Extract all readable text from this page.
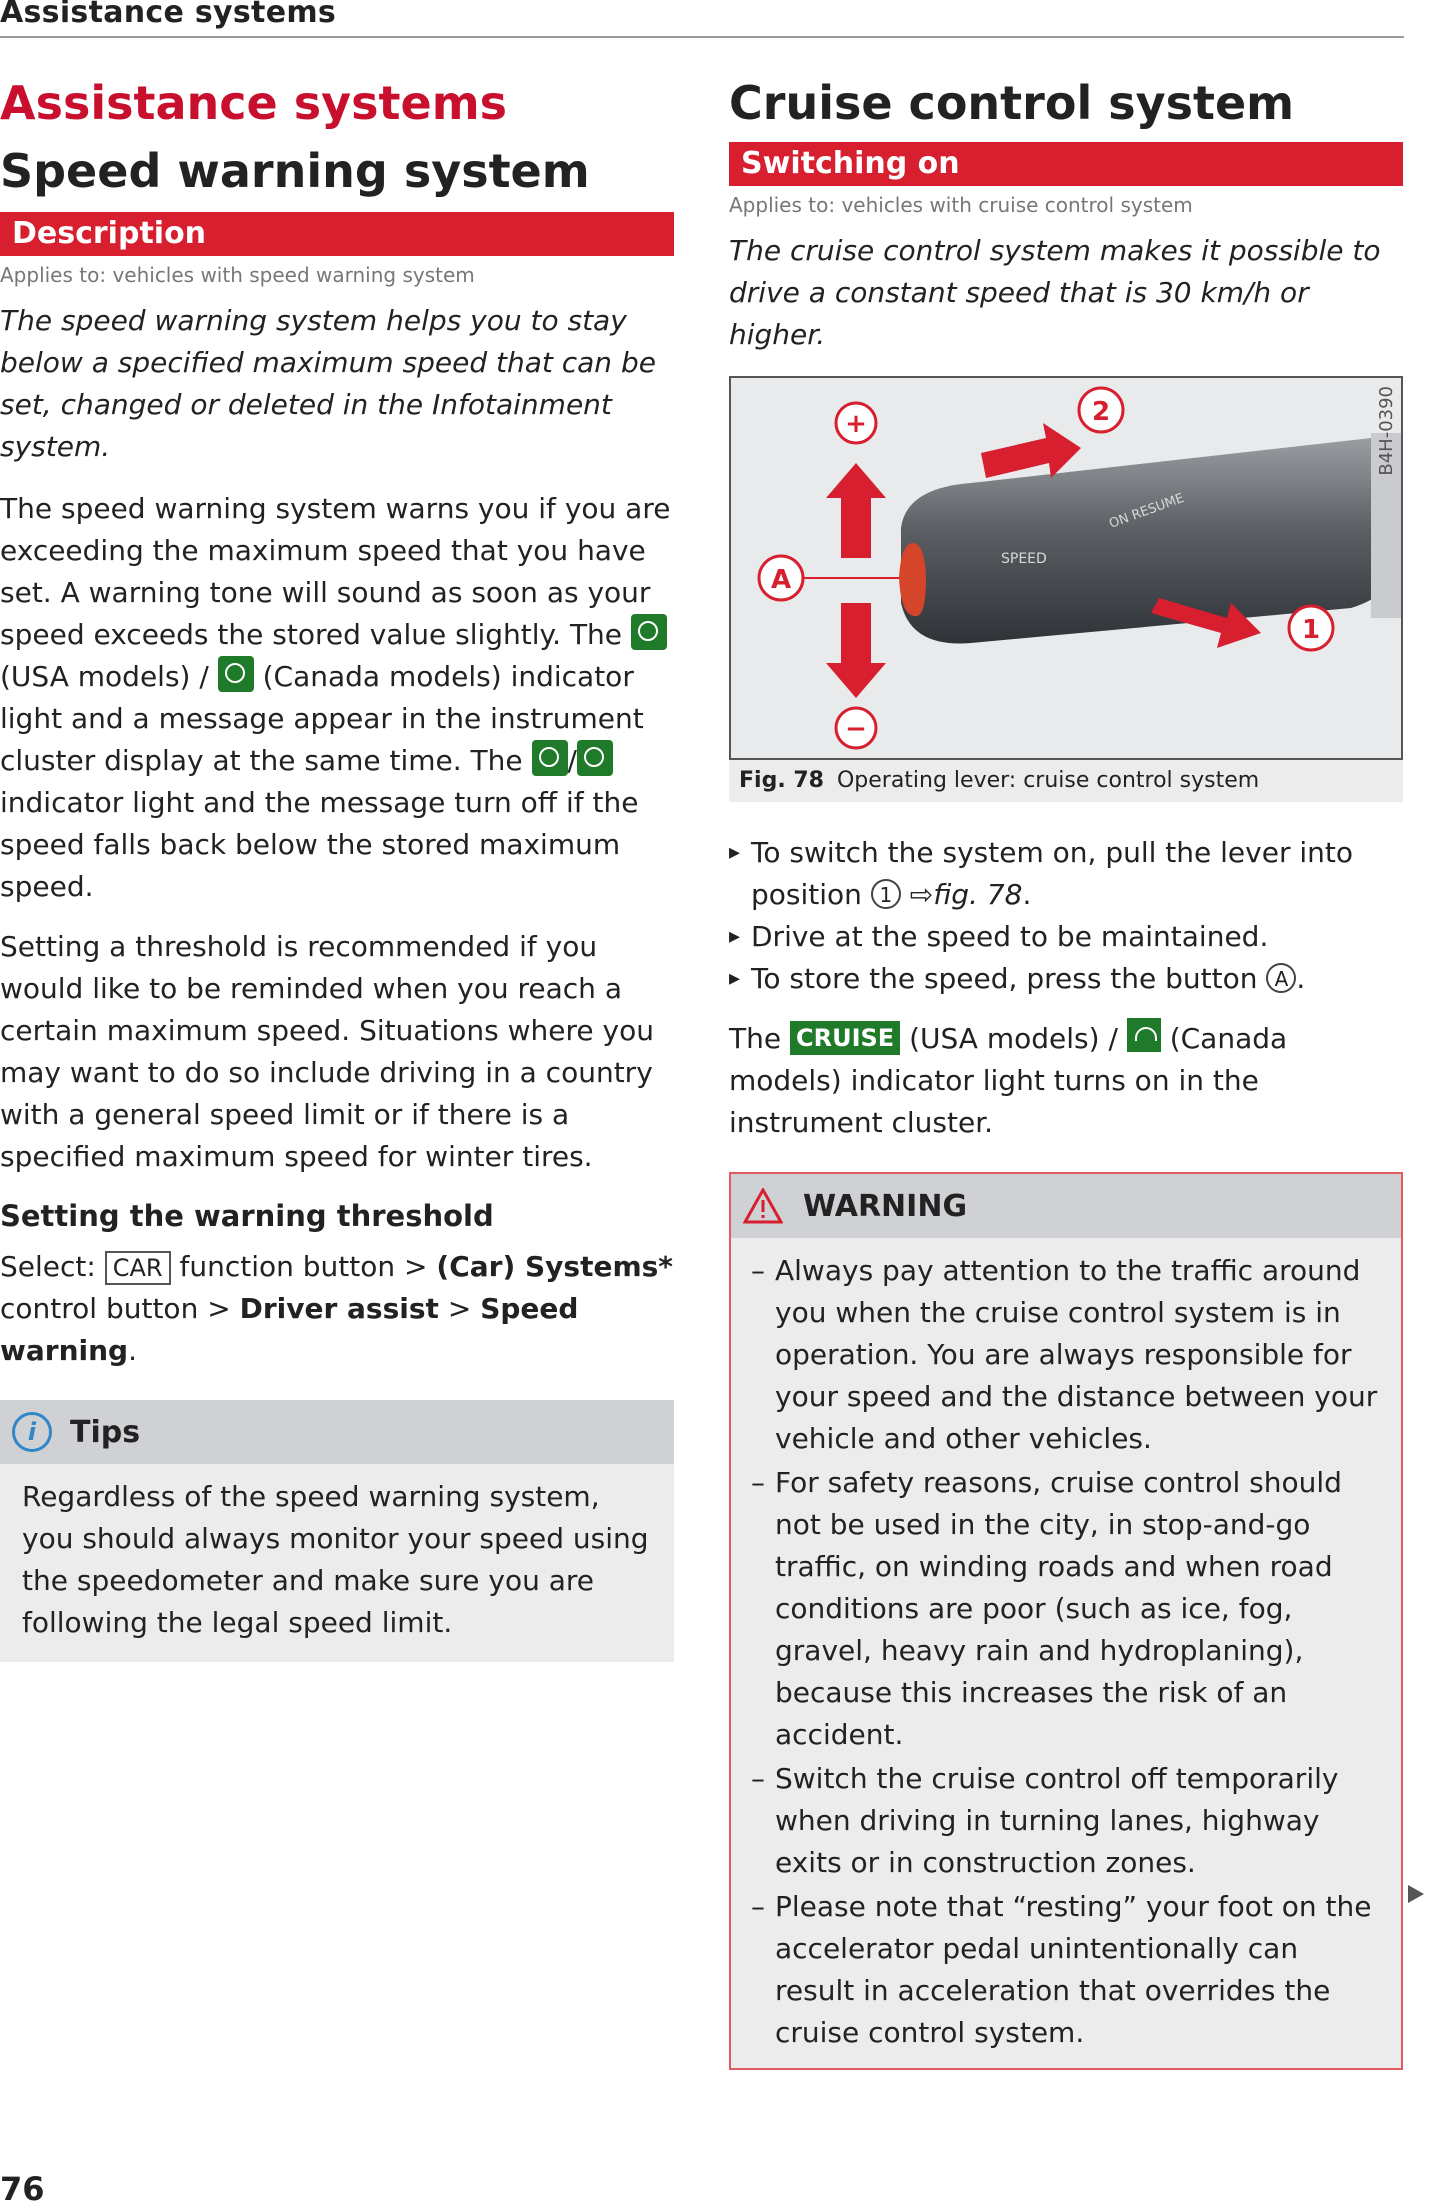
Assistance systems
Assistance systems
Speed warning system
Description
Applies to: vehicles with speed warning system

The speed warning system helps you to stay below a specified maximum speed that can be set, changed or deleted in the Infotainment system.

The speed warning system warns you if you are exceeding the maximum speed that you have set. A warning tone will sound as soon as your speed exceeds the stored value slightly. The  (USA models) / (Canada models) indicator light and a message appear in the instrument cluster display at the same time. The / indicator light and the message turn off if the speed falls back below the stored maximum speed.

Setting a threshold is recommended if you would like to be reminded when you reach a certain maximum speed. Situations where you may want to do so include driving in a country with a general speed limit or if there is a specified maximum speed for winter tires.

Setting the warning threshold

Select: CAR function button > (Car) Systems* control button > Driver assist > Speed warning.

i	Tips

Regardless of the speed warning system, you should always monitor your speed using the speedometer and make sure you are following the legal speed limit.

Cruise control system
Switching on
Applies to: vehicles with cruise control system

The cruise control system makes it possible to drive a constant speed that is 30 km/h or higher.

SPEED
ON RESUME
+
−
A
2
1
B4H-0390
Fig. 78 Operating lever: cruise control system
▸ To switch the system on, pull the lever into position 1 ⇨fig. 78.
▸ Drive at the speed to be maintained.
▸ To store the speed, press the button A .

The CRUISE (USA models) / (Canada models) indicator light turns on in the instrument cluster.

WARNING
– Always pay attention to the traffic around you when the cruise control system is in operation. You are always responsible for your speed and the distance between your vehicle and other vehicles.
– For safety reasons, cruise control should not be used in the city, in stop-and-go traffic, on winding roads and when road conditions are poor (such as ice, fog, gravel, heavy rain and hydroplaning), because this increases the risk of an accident.
– Switch the cruise control off temporarily when driving in turning lanes, highway exits or in construction zones.
– Please note that “resting” your foot on the accelerator pedal unintentionally can result in acceleration that overrides the cruise control system.
76
